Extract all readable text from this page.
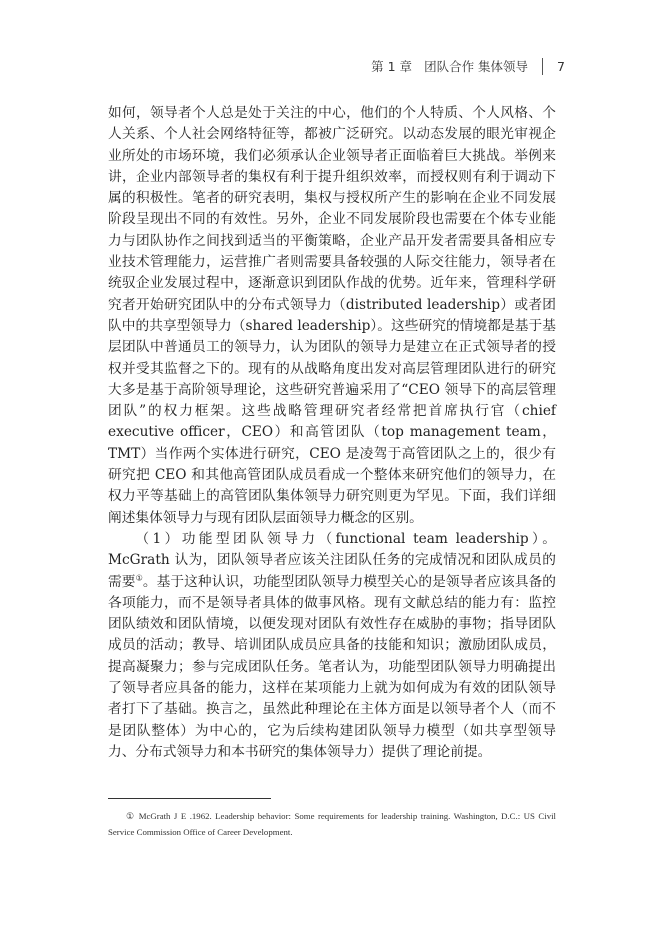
第 1 章 团队合作 集体领导 7

如何，领导者个人总是处于关注的中心，他们的个人特质、个人风格、个人关系、个人社会网络特征等，都被广泛研究。以动态发展的眼光审视企业所处的市场环境，我们必须承认企业领导者正面临着巨大挑战。举例来讲，企业内部领导者的集权有利于提升组织效率，而授权则有利于调动下属的积极性。笔者的研究表明，集权与授权所产生的影响在企业不同发展阶段呈现出不同的有效性。另外，企业不同发展阶段也需要在个体专业能力与团队协作之间找到适当的平衡策略，企业产品开发者需要具备相应专业技术管理能力，运营推广者则需要具备较强的人际交往能力，领导者在统驭企业发展过程中，逐渐意识到团队作战的优势。近年来，管理科学研究者开始研究团队中的分布式领导力（distributed leadership）或者团队中的共享型领导力（shared leadership）。这些研究的情境都是基于基层团队中普通员工的领导力，认为团队的领导力是建立在正式领导者的授权并受其监督之下的。现有的从战略角度出发对高层管理团队进行的研究大多是基于高阶领导理论，这些研究普遍采用了“CEO 领导下的高层管理团队”的权力框架。这些战略管理研究者经常把首席执行官（chief executive officer，CEO）和高管团队（top management team，TMT）当作两个实体进行研究，CEO 是凌驾于高管团队之上的，很少有研究把 CEO 和其他高管团队成员看成一个整体来研究他们的领导力，在权力平等基础上的高管团队集体领导力研究则更为罕见。下面，我们详细阐述集体领导力与现有团队层面领导力概念的区别。

（1）功能型团队领导力（functional team leadership）。McGrath 认为，团队领导者应该关注团队任务的完成情况和团队成员的需要①。基于这种认识，功能型团队领导力模型关心的是领导者应该具备的各项能力，而不是领导者具体的做事风格。现有文献总结的能力有：监控团队绩效和团队情境，以便发现对团队有效性存在威胁的事物；指导团队成员的活动；教导、培训团队成员应具备的技能和知识；激励团队成员，提高凝聚力；参与完成团队任务。笔者认为，功能型团队领导力明确提出了领导者应具备的能力，这样在某项能力上就为如何成为有效的团队领导者打下了基础。换言之，虽然此种理论在主体方面是以领导者个人（而不是团队整体）为中心的，它为后续构建团队领导力模型（如共享型领导力、分布式领导力和本书研究的集体领导力）提供了理论前提。

① McGrath J E .1962. Leadership behavior: Some requirements for leadership training. Washington, D.C.: US Civil Service Commission Office of Career Development.
